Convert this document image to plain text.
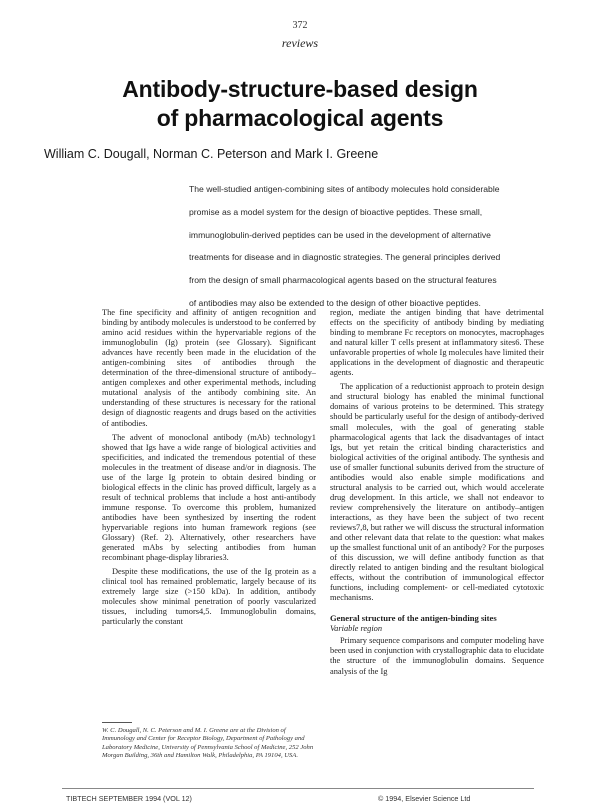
372
reviews
Antibody-structure-based design
of pharmacological agents
William C. Dougall, Norman C. Peterson and Mark I. Greene
The well-studied antigen-combining sites of antibody molecules hold considerable
promise as a model system for the design of bioactive peptides. These small,
immunoglobulin-derived peptides can be used in the development of alternative
treatments for disease and in diagnostic strategies. The general principles derived
from the design of small pharmacological agents based on the structural features
of antibodies may also be extended to the design of other bioactive peptides.

The fine specificity and affinity of antigen recognition and binding by antibody molecules is understood to be conferred by amino acid residues within the hypervariable regions of the immunoglobulin (Ig) protein (see Glossary). Significant advances have recently been made in the elucidation of the antigen-combining sites of antibodies through the determination of the three-dimensional structure of antibody–antigen complexes and other experimental methods, including mutational analysis of the antibody combining site. An understanding of these structures is necessary for the rational design of diagnostic reagents and drugs based on the activities of antibodies.

The advent of monoclonal antibody (mAb) technology1 showed that Igs have a wide range of biological activities and specificities, and indicated the tremendous potential of these molecules in the treatment of disease and/or in diagnosis. The use of the large Ig protein to obtain desired binding or biological effects in the clinic has proved difficult, largely as a result of technical problems that include a host anti-antibody immune response. To overcome this problem, humanized antibodies have been synthesized by inserting the rodent hypervariable regions into human framework regions (see Glossary) (Ref. 2). Alternatively, other researchers have generated mAbs by selecting antibodies from human recombinant phage-display libraries3.

Despite these modifications, the use of the Ig protein as a clinical tool has remained problematic, largely because of its extremely large size (>150 kDa). In addition, antibody molecules show minimal penetration of poorly vascularized tissues, including tumors4,5. Immunoglobulin domains, particularly the constant

W. C. Dougall, N. C. Peterson and M. I. Greene are at the Division of Immunology and Center for Receptor Biology, Department of Pathology and Laboratory Medicine, University of Pennsylvania School of Medicine, 252 John Morgan Building, 36th and Hamilton Walk, Philadelphia, PA 19104, USA.

region, mediate the antigen binding that have detrimental effects on the specificity of antibody binding by mediating binding to membrane Fc receptors on monocytes, macrophages and natural killer T cells present at inflammatory sites6. These unfavorable properties of whole Ig molecules have limited their applications in the development of diagnostic and therapeutic agents.

The application of a reductionist approach to protein design and structural biology has enabled the minimal functional domains of various proteins to be determined. This strategy should be particularly useful for the design of antibody-derived small molecules, with the goal of generating stable pharmacological agents that lack the disadvantages of intact Igs, but yet retain the critical binding characteristics and biological activities of the original antibody. The synthesis and use of smaller functional subunits derived from the structure of antibodies would also enable simple modifications and structural analysis to be carried out, which would accelerate drug development. In this article, we shall not endeavor to review comprehensively the literature on antibody–antigen interactions, as they have been the subject of two recent reviews7,8, but rather we will discuss the structural information and other relevant data that relate to the question: what makes up the smallest functional unit of an antibody? For the purposes of this discussion, we will define antibody function as that directly related to antigen binding and the resultant biological effects, without the contribution of immunological effector functions, including complement- or cell-mediated cytotoxic mechanisms.

General structure of the antigen-binding sites
Variable region

Primary sequence comparisons and computer modeling have been used in conjunction with crystallographic data to elucidate the structure of the immunoglobulin domains. Sequence analysis of the Ig

TIBTECH SEPTEMBER 1994 (VOL 12)	© 1994, Elsevier Science Ltd
